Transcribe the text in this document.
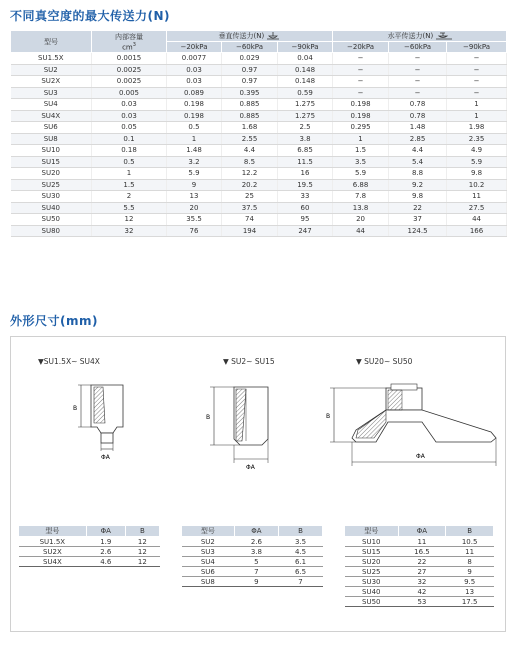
不同真空度的最大传送力(N)
型号	内部容量
$cm^3$	垂直传送力(N)			水平传送力(N)		
		−20kPa	−60kPa	−90kPa	−20kPa	−60kPa	−90kPa
SU1.5X	0.0015	0.0077	0.029	0.04	−	−	−
SU2	0.0025	0.03	0.97	0.148	−	−	−
SU2X	0.0025	0.03	0.97	0.148	−	−	−
SU3	0.005	0.089	0.395	0.59	−	−	−
SU4	0.03	0.198	0.885	1.275	0.198	0.78	1
SU4X	0.03	0.198	0.885	1.275	0.198	0.78	1
SU6	0.05	0.5	1.68	2.5	0.295	1.48	1.98
SU8	0.1	1	2.55	3.8	1	2.85	2.35
SU10	0.18	1.48	4.4	6.85	1.5	4.4	4.9
SU15	0.5	3.2	8.5	11.5	3.5	5.4	5.9
SU20	1	5.9	12.2	16	5.9	8.8	9.8
SU25	1.5	9	20.2	19.5	6.88	9.2	10.2
SU30	2	13	25	33	7.8	9.8	11
SU40	5.5	20	37.5	60	13.8	22	27.5
SU50	12	35.5	74	95	20	37	44
SU80	32	76	194	247	44	124.5	166
外形尺寸(mm)
▼SU1.5X~ SU4X	▼ SU2~ SU15	▼ SU20~ SU50
B
ΦA
B
ΦA
B
ΦA
型号	ΦA	B
SU1.5X	1.9	12
SU2X	2.6	12
SU4X	4.6	12
型号	ΦA	B
SU2	2.6	3.5
SU3	3.8	4.5
SU4	5	6.1
SU6	7	6.5
SU8	9	7
型号	ΦA	B
SU10	11	10.5
SU15	16.5	11
SU20	22	8
SU25	27	9
SU30	32	9.5
SU40	42	13
SU50	53	17.5
